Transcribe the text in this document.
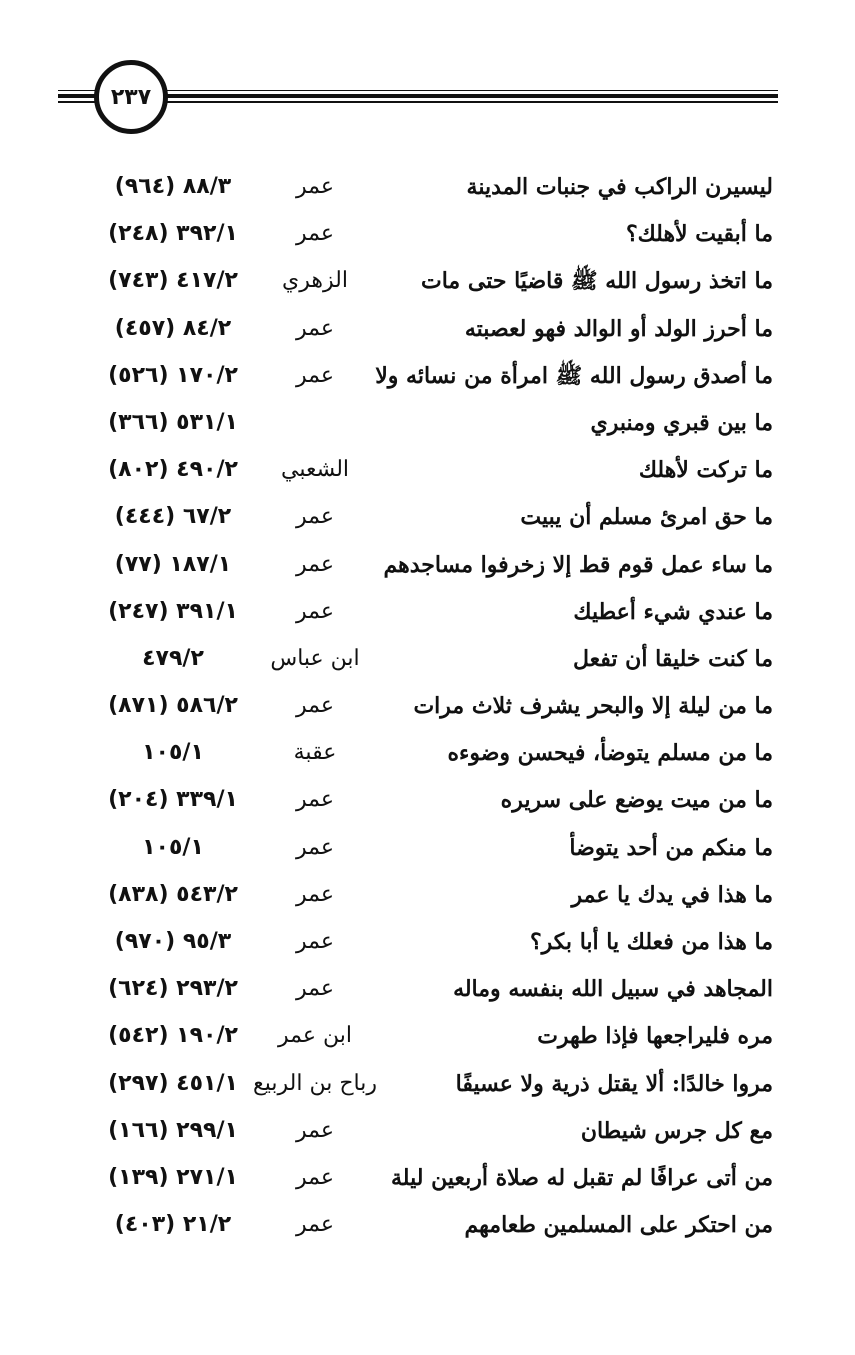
٢٣٧
ليسيرن الراكب في جنبات المدينة
عمر
٨٨/٣ (٩٦٤)
ما أبقيت لأهلك؟
عمر
٣٩٢/١ (٢٤٨)
ما اتخذ رسول الله ﷺ قاضيًا حتى مات
الزهري
٤١٧/٢ (٧٤٣)
ما أحرز الولد أو الوالد فهو لعصبته
عمر
٨٤/٢ (٤٥٧)
ما أصدق رسول الله ﷺ امرأة من نسائه ولا
عمر
١٧٠/٢ (٥٢٦)
ما بين قبري ومنبري
٥٣١/١ (٣٦٦)
ما تركت لأهلك
الشعبي
٤٩٠/٢ (٨٠٢)
ما حق امرئ مسلم أن يبيت
عمر
٦٧/٢ (٤٤٤)
ما ساء عمل قوم قط إلا زخرفوا مساجدهم
عمر
١٨٧/١ (٧٧)
ما عندي شيء أعطيك
عمر
٣٩١/١ (٢٤٧)
ما كنت خليقا أن تفعل
ابن عباس
٤٧٩/٢
ما من ليلة إلا والبحر يشرف ثلاث مرات
عمر
٥٨٦/٢ (٨٧١)
ما من مسلم يتوضأ، فيحسن وضوءه
عقبة
١٠٥/١
ما من ميت يوضع على سريره
عمر
٣٣٩/١ (٢٠٤)
ما منكم من أحد يتوضأ
عمر
١٠٥/١
ما هذا في يدك يا عمر
عمر
٥٤٣/٢ (٨٣٨)
ما هذا من فعلك يا أبا بكر؟
عمر
٩٥/٣ (٩٧٠)
المجاهد في سبيل الله بنفسه وماله
عمر
٢٩٣/٢ (٦٢٤)
مره فليراجعها فإذا طهرت
ابن عمر
١٩٠/٢ (٥٤٢)
مروا خالدًا: ألا يقتل ذرية ولا عسيفًا
رباح بن الربيع
٤٥١/١ (٢٩٧)
مع كل جرس شيطان
عمر
٢٩٩/١ (١٦٦)
من أتى عرافًا لم تقبل له صلاة أربعين ليلة
عمر
٢٧١/١ (١٣٩)
من احتكر على المسلمين طعامهم
عمر
٢١/٢ (٤٠٣)
